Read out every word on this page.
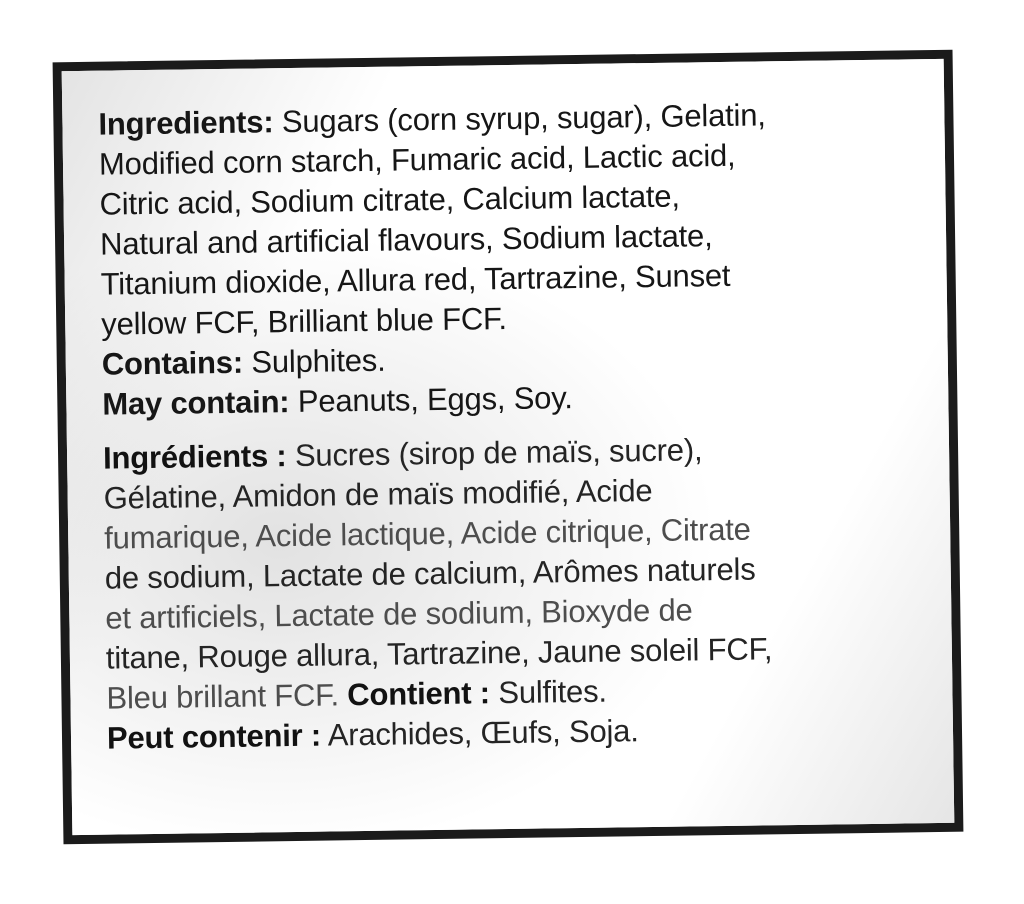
Ingredients: Sugars (corn syrup, sugar), Gelatin,

Modified corn starch, Fumaric acid, Lactic acid,

Citric acid, Sodium citrate, Calcium lactate,

Natural and artificial flavours, Sodium lactate,

Titanium dioxide, Allura red, Tartrazine, Sunset

yellow FCF, Brilliant blue FCF.

Contains: Sulphites.

May contain: Peanuts, Eggs, Soy.

Ingrédients : Sucres (sirop de maïs, sucre),

Gélatine, Amidon de maïs modifié, Acide

fumarique, Acide lactique, Acide citrique, Citrate

de sodium, Lactate de calcium, Arômes naturels

et artificiels, Lactate de sodium, Bioxyde de

titane, Rouge allura, Tartrazine, Jaune soleil FCF,

Bleu brillant FCF. Contient : Sulfites.

Peut contenir : Arachides, Œufs, Soja.
